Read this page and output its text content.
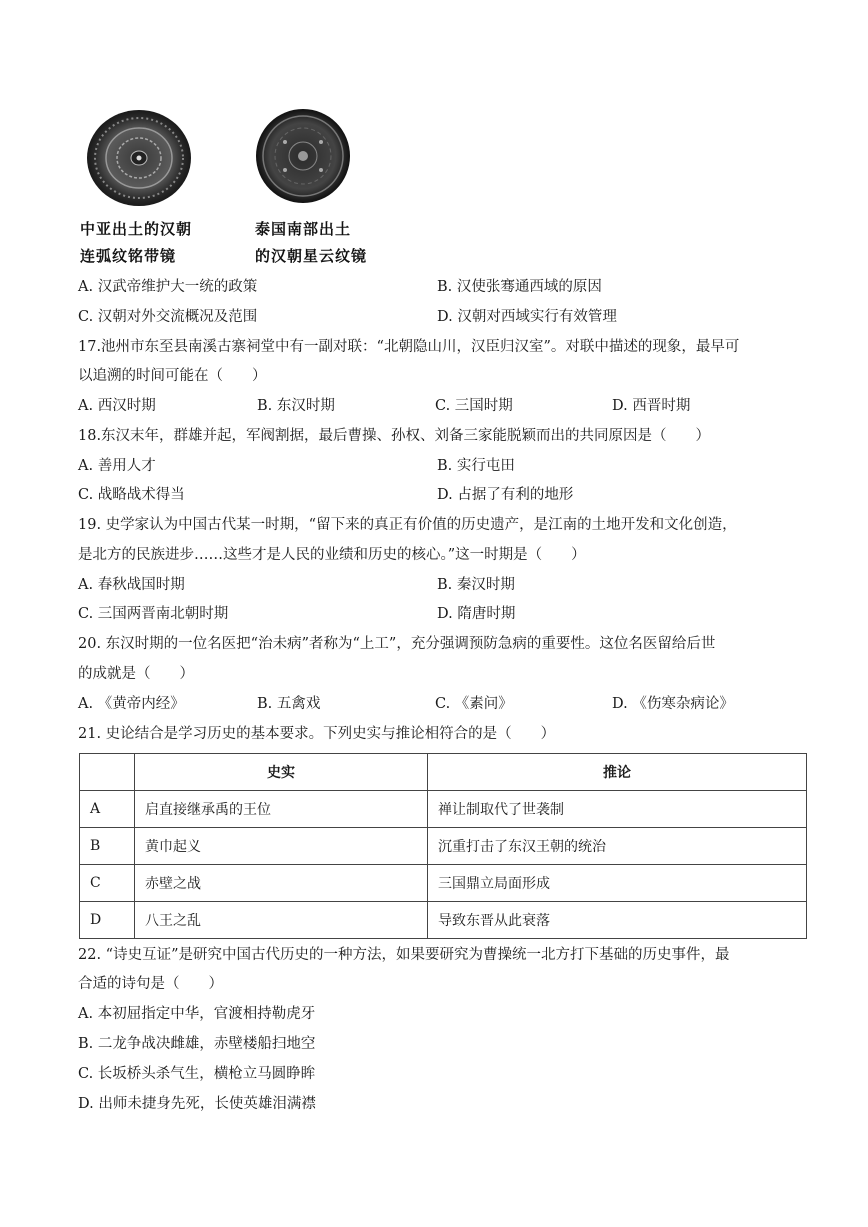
中亚出土的汉朝
连弧纹铭带镜
泰国南部出土
的汉朝星云纹镜
A. 汉武帝维护大一统的政策	B. 汉使张骞通西域的原因
C. 汉朝对外交流概况及范围	D. 汉朝对西域实行有效管理
17.池州市东至县南溪古寨祠堂中有一副对联：“北朝隐山川，汉臣归汉室”。对联中描述的现象，最早可
以追溯的时间可能在（　　）
A. 西汉时期	B. 东汉时期	C. 三国时期	D. 西晋时期
18.东汉末年，群雄并起，军阀割据，最后曹操、孙权、刘备三家能脱颖而出的共同原因是（　　）
A. 善用人才	B. 实行屯田
C. 战略战术得当	D. 占据了有利的地形
19. 史学家认为中国古代某一时期，“留下来的真正有价值的历史遗产，是江南的土地开发和文化创造，
是北方的民族进步……这些才是人民的业绩和历史的核心。”这一时期是（　　）
A. 春秋战国时期	B. 秦汉时期
C. 三国两晋南北朝时期	D. 隋唐时期
20. 东汉时期的一位名医把“治未病”者称为“上工”，充分强调预防急病的重要性。这位名医留给后世
的成就是（　　）
A. 《黄帝内经》	B. 五禽戏	C. 《素问》	D. 《伤寒杂病论》
21. 史论结合是学习历史的基本要求。下列史实与推论相符合的是（　　）
	史实	推论
A	启直接继承禹的王位	禅让制取代了世袭制
B	黄巾起义	沉重打击了东汉王朝的统治
C	赤壁之战	三国鼎立局面形成
D	八王之乱	导致东晋从此衰落
22. “诗史互证”是研究中国古代历史的一种方法，如果要研究为曹操统一北方打下基础的历史事件，最
合适的诗句是（　　）
A. 本初屈指定中华，官渡相持勒虎牙
B. 二龙争战决雌雄，赤壁楼船扫地空
C. 长坂桥头杀气生，横枪立马圆睁眸
D. 出师未捷身先死，长使英雄泪满襟
